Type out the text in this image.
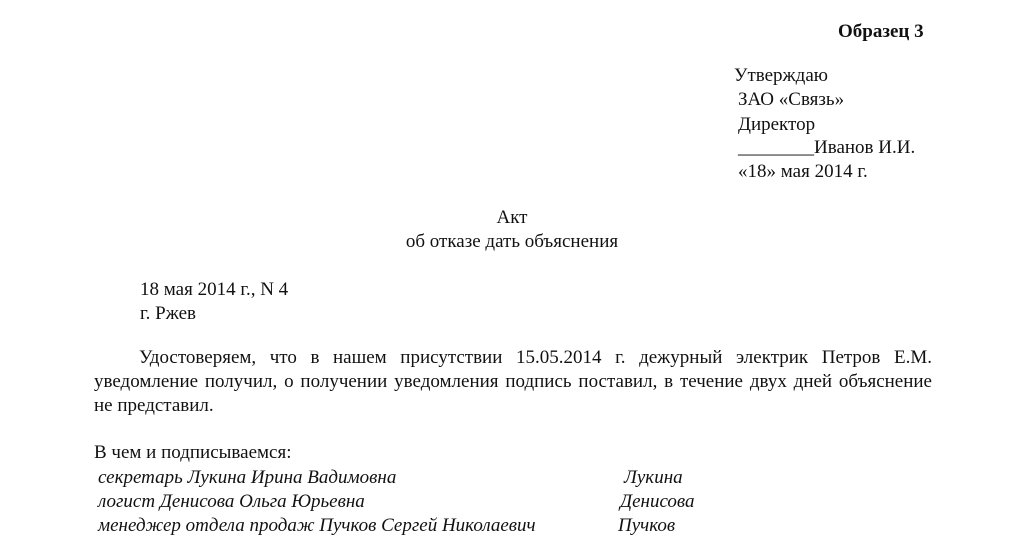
Образец 3
Утверждаю
ЗАО «Связь»
Директор
________Иванов И.И.
«18» мая 2014 г.
Акт
об отказе дать объяснения
18 мая 2014 г., N 4
г. Ржев
Удостоверяем, что в нашем присутствии 15.05.2014 г. дежурный электрик Петров Е.М. уведомление получил, о получении уведомления подпись поставил, в течение двух дней объяснение не представил.
В чем и подписываемся:
секретарь Лукина Ирина Вадимовна	Лукина
логист Денисова Ольга Юрьевна	Денисова
менеджер отдела продаж Пучков Сергей Николаевич	Пучков
